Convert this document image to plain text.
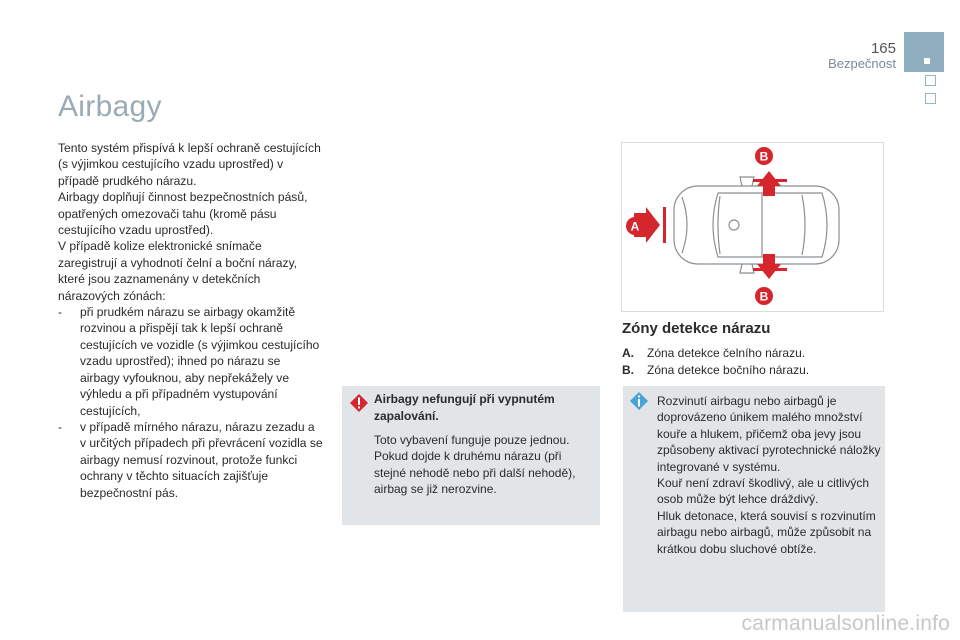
165
Bezpečnost
Airbagy

Tento systém přispívá k lepší ochraně cestujících (s výjimkou cestujícího vzadu uprostřed) v případě prudkého nárazu.

Airbagy doplňují činnost bezpečnostních pásů, opatřených omezovači tahu (kromě pásu cestujícího vzadu uprostřed).

V případě kolize elektronické snímače zaregistrují a vyhodnotí čelní a boční nárazy, které jsou zaznamenány v detekčních nárazových zónách:

- při prudkém nárazu se airbagy okamžitě rozvinou a přispějí tak k lepší ochraně cestujících ve vozidle (s výjimkou cestujícího vzadu uprostřed); ihned po nárazu se airbagy vyfouknou, aby nepřekážely ve výhledu a při případném vystupování cestujících,
- v případě mírného nárazu, nárazu zezadu a v určitých případech při převrácení vozidla se airbagy nemusí rozvinout, protože funkci ochrany v těchto situacích zajišťuje bezpečnostní pás.
Airbagy nefungují při vypnutém zapalování.
Toto vybavení funguje pouze jednou. Pokud dojde k druhému nárazu (při stejné nehodě nebo při další nehodě), airbag se již nerozvine.
B
B
A
Zóny detekce nárazu
A. Zóna detekce čelního nárazu.
B. Zóna detekce bočního nárazu.

Rozvinutí airbagu nebo airbagů je doprovázeno únikem malého množství kouře a hlukem, přičemž oba jevy jsou způsobeny aktivací pyrotechnické náložky integrované v systému.

Kouř není zdraví škodlivý, ale u citlivých osob může být lehce dráždivý.

Hluk detonace, která souvisí s rozvinutím airbagu nebo airbagů, může způsobit na krátkou dobu sluchové obtíže.

carmanualsonline.info
